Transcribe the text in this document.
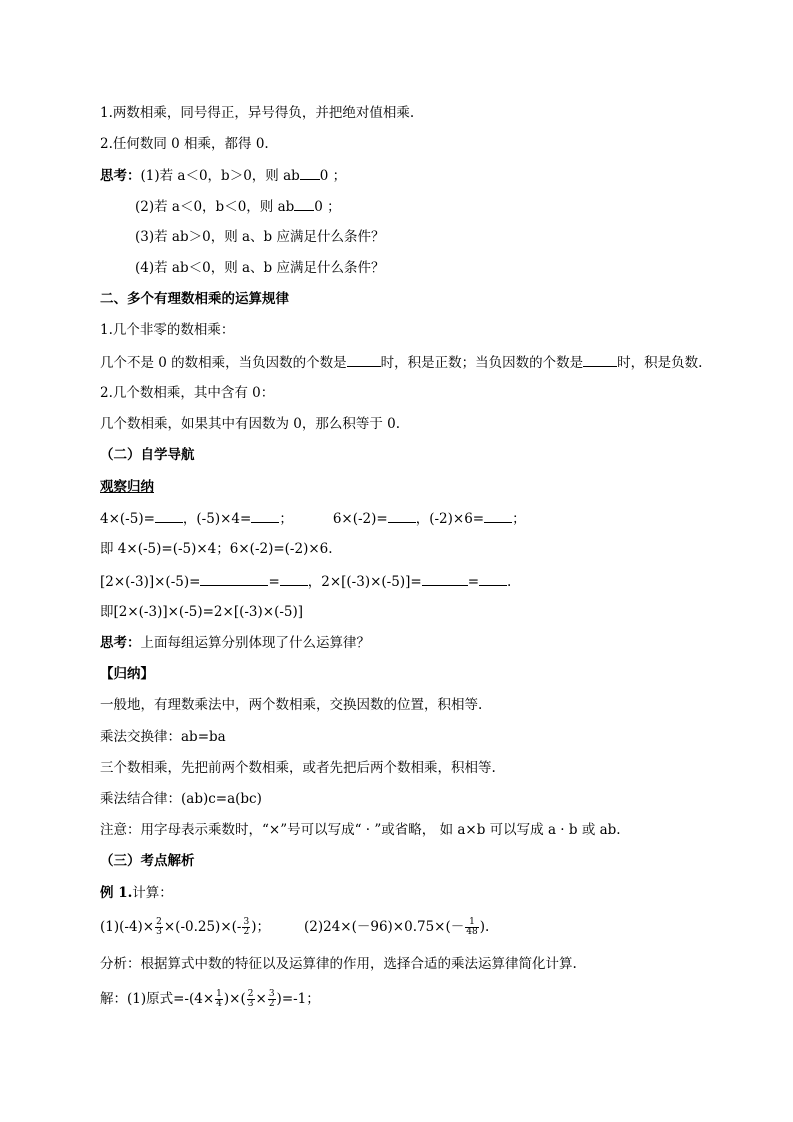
1.两数相乘，同号得正，异号得负，并把绝对值相乘.
2.任何数同 0 相乘，都得 0.
思考：(1)若 a＜0，b＞0，则 ab 0 ；
(2)若 a＜0，b＜0，则 ab 0 ；
(3)若 ab＞0，则 a、b 应满足什么条件？
(4)若 ab＜0，则 a、b 应满足什么条件？
二、多个有理数相乘的运算规律
1.几个非零的数相乘：
几个不是 0 的数相乘，当负因数的个数是	时，积是正数；当负因数的个数是	时，积是负数.
2.几个数相乘，其中含有 0：
几个数相乘，如果其中有因数为 0，那么积等于 0.
（二）自学导航
观察归纳
4×(-5)= ，(-5)×4= ；	6×(-2)= ，(-2)×6= ；
即 4×(-5)=(-5)×4；6×(-2)=(-2)×6.
[2×(-3)]×(-5)=	= ，2×[(-3)×(-5)]=	= .
即[2×(-3)]×(-5)=2×[(-3)×(-5)]
思考：上面每组运算分别体现了什么运算律？
【归纳】
一般地，有理数乘法中，两个数相乘，交换因数的位置，积相等.
乘法交换律：ab=ba
三个数相乘，先把前两个数相乘，或者先把后两个数相乘，积相等.
乘法结合律：(ab)c=a(bc)
注意：用字母表示乘数时，“×”号可以写成“ · ”或省略， 如 a×b 可以写成 a · b 或 ab.
（三）考点解析
例 1.计算：
$(1)(-4)\times \frac{2}{3} \times(-0.25)\times(- \frac{3}{2}$ )；	$(2)24\times(-96)\times 0.75\times(- \frac{1}{48}$ ).
分析：根据算式中数的特征以及运算律的作用，选择合适的乘法运算律简化计算.
解：(1)原式$=-(4\times \frac{1}{4}$ )×( $\frac{2}{3} \times \frac{3}{2} )=-1$；
